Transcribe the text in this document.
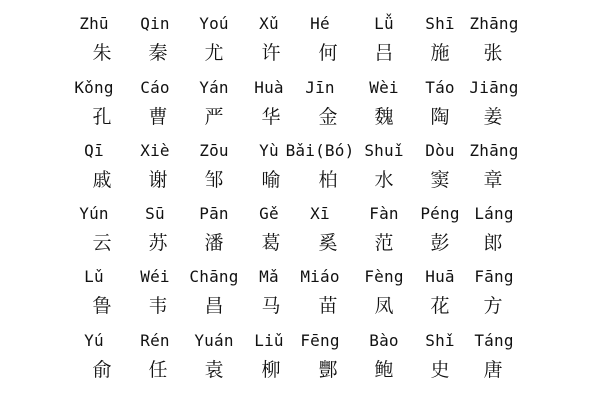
Zhū
朱
Qin
秦
Yoú
尤
Xǔ
许
Hé
何
Lǚ
吕
Shī
施
Zhāng
张
Kǒng
孔
Cáo
曹
Yán
严
Huà
华
Jīn
金
Wèi
魏
Táo
陶
Jiāng
姜
Qī
戚
Xiè
谢
Zōu
邹
Yù
喻
Bǎi(Bó)
柏
Shuǐ
水
Dòu
窦
Zhāng
章
Yún
云
Sū
苏
Pān
潘
Gě
葛
Xī
奚
Fàn
范
Péng
彭
Láng
郎
Lǔ
鲁
Wéi
韦
Chāng
昌
Mǎ
马
Miáo
苗
Fèng
凤
Huā
花
Fāng
方
Yú
俞
Rén
任
Yuán
袁
Liǔ
柳
Fēng
酆
Bào
鲍
Shǐ
史
Táng
唐
